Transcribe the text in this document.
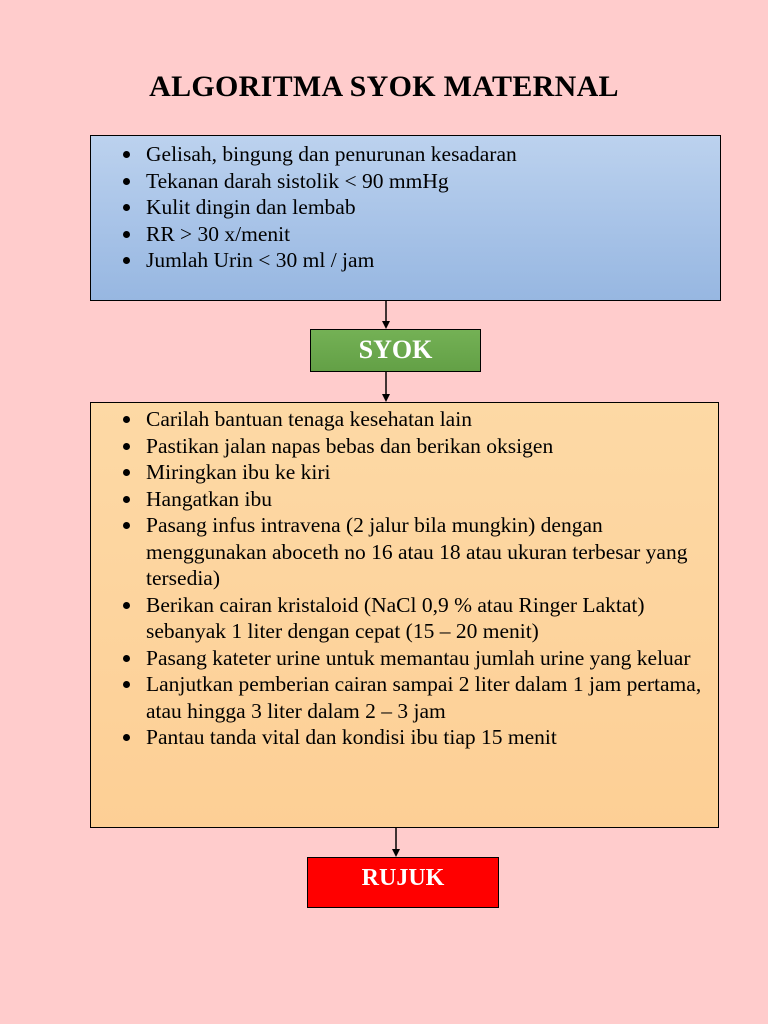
ALGORITMA SYOK MATERNAL
Gelisah, bingung dan penurunan kesadaran
Tekanan darah sistolik < 90 mmHg
Kulit dingin dan lembab
RR > 30 x/menit
Jumlah Urin < 30 ml / jam
SYOK
Carilah bantuan tenaga kesehatan lain
Pastikan jalan napas bebas dan berikan oksigen
Miringkan ibu ke kiri
Hangatkan ibu
Pasang infus intravena (2 jalur bila mungkin) dengan menggunakan aboceth no 16 atau 18 atau ukuran terbesar yang tersedia)
Berikan cairan kristaloid (NaCl 0,9 % atau Ringer Laktat) sebanyak 1 liter dengan cepat (15 – 20 menit)
Pasang kateter urine untuk memantau jumlah urine yang keluar
Lanjutkan pemberian cairan sampai 2 liter dalam 1 jam pertama, atau hingga 3 liter dalam 2 – 3 jam
Pantau tanda vital dan kondisi ibu tiap 15 menit
RUJUK
